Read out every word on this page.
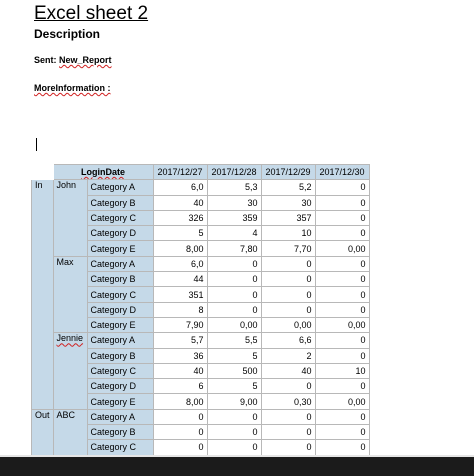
Excel sheet 2
Description
Sent: New_Report
MoreInformation :
	LoginDate		2017/12/27	2017/12/28	2017/12/29	2017/12/30
In	John	Category A	6,0	5,3	5,2	0
		Category B	40	30	30	0
		Category C	326	359	357	0
		Category D	5	4	10	0
		Category E	8,00	7,80	7,70	0,00
	Max	Category A	6,0	0	0	0
		Category B	44	0	0	0
		Category C	351	0	0	0
		Category D	8	0	0	0
		Category E	7,90	0,00	0,00	0,00
	Jennie	Category A	5,7	5,5	6,6	0
		Category B	36	5	2	0
		Category C	40	500	40	10
		Category D	6	5	0	0
		Category E	8,00	9,00	0,30	0,00
Out	ABC	Category A	0	0	0	0
		Category B	0	0	0	0
		Category C	0	0	0	0
